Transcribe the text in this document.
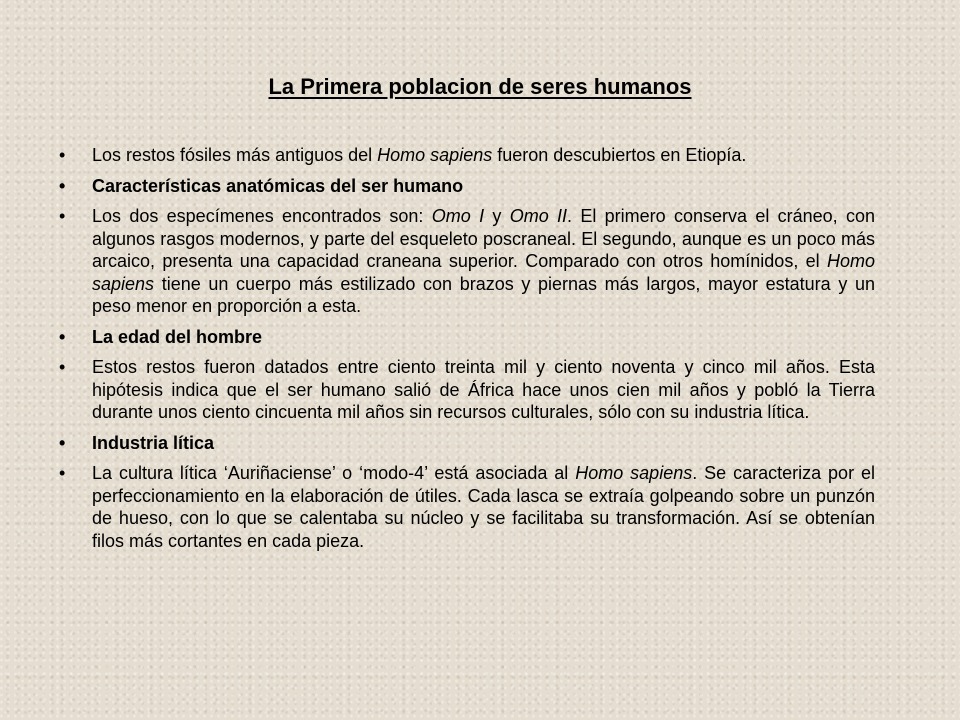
La Primera poblacion de seres humanos
• Los restos fósiles más antiguos del Homo sapiens fueron descubiertos en Etiopía.
• Características anatómicas del ser humano
• Los dos especímenes encontrados son: Omo I y Omo II. El primero conserva el cráneo, con algunos rasgos modernos, y parte del esqueleto poscraneal. El segundo, aunque es un poco más arcaico, presenta una capacidad craneana superior. Comparado con otros homínidos, el Homo sapiens tiene un cuerpo más estilizado con brazos y piernas más largos, mayor estatura y un peso menor en proporción a esta.
• La edad del hombre
• Estos restos fueron datados entre ciento treinta mil y ciento noventa y cinco mil años. Esta hipótesis indica que el ser humano salió de África hace unos cien mil años y pobló la Tierra durante unos ciento cincuenta mil años sin recursos culturales, sólo con su industria lítica.
• Industria lítica
• La cultura lítica ‘Auriñaciense’ o ‘modo-4’ está asociada al Homo sapiens. Se caracteriza por el perfeccionamiento en la elaboración de útiles. Cada lasca se extraía golpeando sobre un punzón de hueso, con lo que se calentaba su núcleo y se facilitaba su transformación. Así se obtenían filos más cortantes en cada pieza.
